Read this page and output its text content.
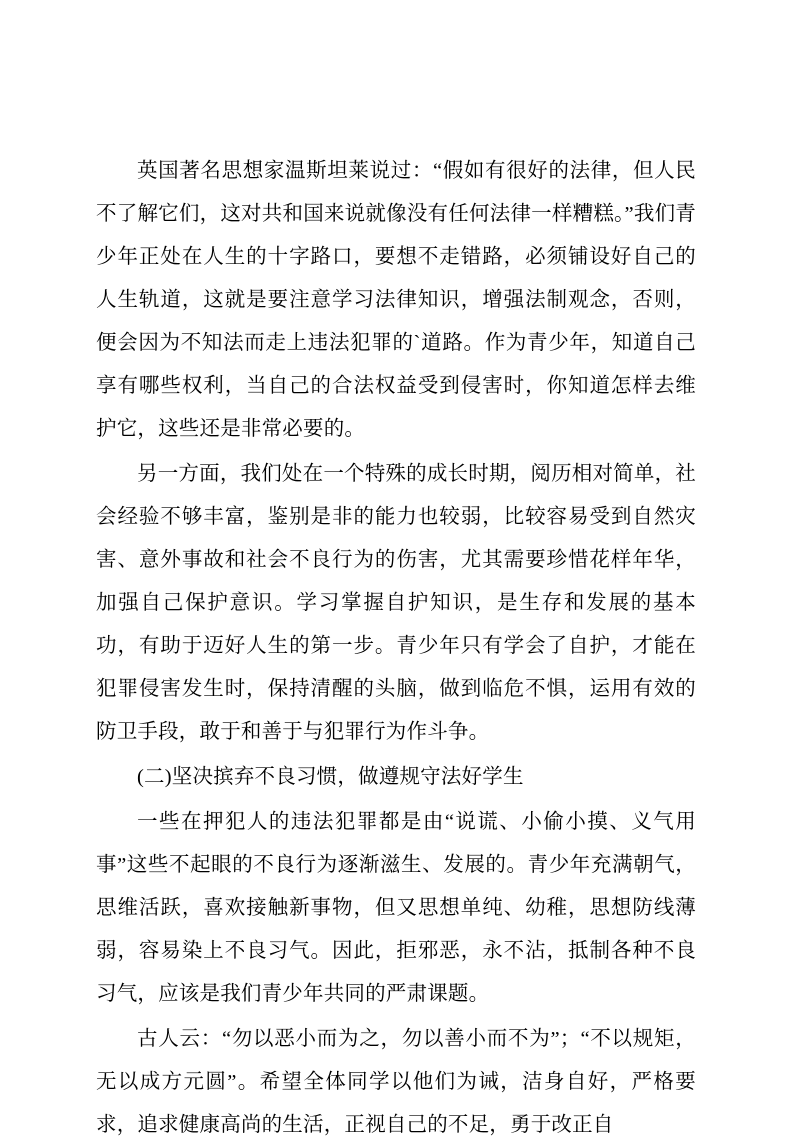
英国著名思想家温斯坦莱说过：“假如有很好的法律，但人民不了解它们，这对共和国来说就像没有任何法律一样糟糕。”我们青少年正处在人生的十字路口，要想不走错路，必须铺设好自己的人生轨道，这就是要注意学习法律知识，增强法制观念，否则，便会因为不知法而走上违法犯罪的`道路。作为青少年，知道自己享有哪些权利，当自己的合法权益受到侵害时，你知道怎样去维护它，这些还是非常必要的。

另一方面，我们处在一个特殊的成长时期，阅历相对简单，社会经验不够丰富，鉴别是非的能力也较弱，比较容易受到自然灾害、意外事故和社会不良行为的伤害，尤其需要珍惜花样年华，加强自己保护意识。学习掌握自护知识，是生存和发展的基本功，有助于迈好人生的第一步。青少年只有学会了自护，才能在犯罪侵害发生时，保持清醒的头脑，做到临危不惧，运用有效的防卫手段，敢于和善于与犯罪行为作斗争。

(二)坚决摈弃不良习惯，做遵规守法好学生

一些在押犯人的违法犯罪都是由“说谎、小偷小摸、义气用事”这些不起眼的不良行为逐渐滋生、发展的。青少年充满朝气，思维活跃，喜欢接触新事物，但又思想单纯、幼稚，思想防线薄弱，容易染上不良习气。因此，拒邪恶，永不沾，抵制各种不良习气，应该是我们青少年共同的严肃课题。

古人云：“勿以恶小而为之，勿以善小而不为”；“不以规矩，无以成方元圆”。希望全体同学以他们为诫，洁身自好，严格要求，追求健康高尚的生活，正视自己的不足，勇于改正自
